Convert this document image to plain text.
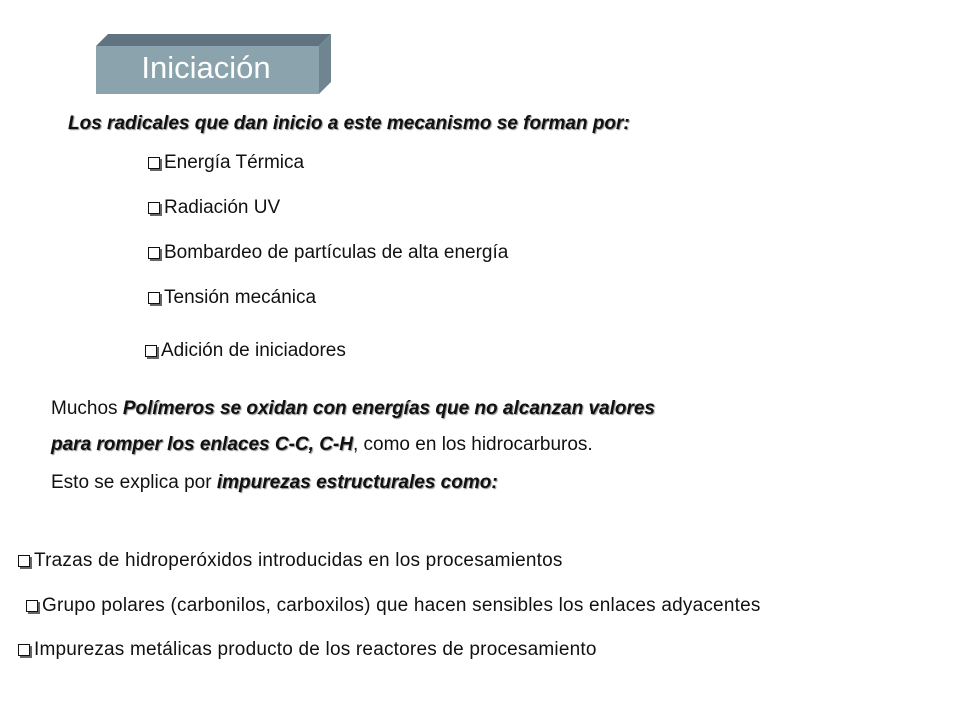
Iniciación
Los radicales que dan inicio a este mecanismo se forman por:
Energía Térmica
Radiación UV
Bombardeo de partículas de alta energía
Tensión mecánica
Adición de iniciadores
Muchos Polímeros se oxidan con energías que no alcanzan valores
para romper los enlaces C-C, C-H, como en los hidrocarburos.
Esto se explica por impurezas estructurales como:
Trazas de hidroperóxidos introducidas en los procesamientos
Grupo polares (carbonilos, carboxilos) que hacen sensibles los enlaces adyacentes
Impurezas metálicas producto de los reactores de procesamiento
